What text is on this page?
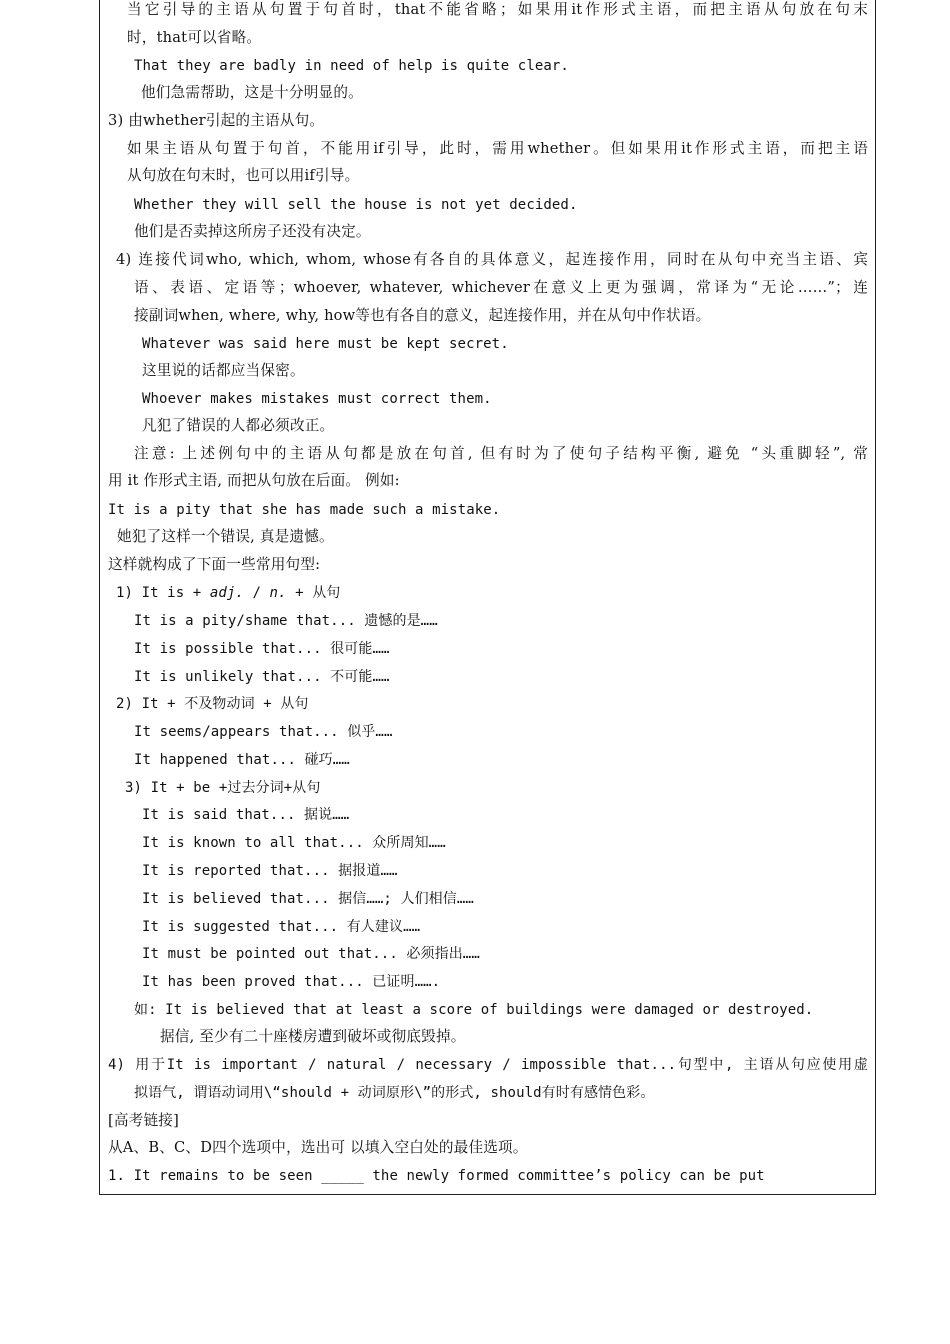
当它引导的主语从句置于句首时，that不能省略；如果用it作形式主语，而把主语从句放在句末
时，that可以省略。
That they are badly in need of help is quite clear.
他们急需帮助，这是十分明显的。
3) 由whether引起的主语从句。
如果主语从句置于句首，不能用if引导，此时，需用whether。但如果用it作形式主语，而把主语
从句放在句末时，也可以用if引导。
Whether they will sell the house is not yet decided.
他们是否卖掉这所房子还没有决定。
4) 连接代词who, which, whom, whose有各自的具体意义，起连接作用，同时在从句中充当主语、宾
语、表语、定语等；whoever, whatever, whichever在意义上更为强调，常译为“无论……”；连
接副词when, where, why, how等也有各自的意义，起连接作用，并在从句中作状语。
Whatever was said here must be kept secret.
这里说的话都应当保密。
Whoever makes mistakes must correct them.
凡犯了错误的人都必须改正。
注意: 上述例句中的主语从句都是放在句首, 但有时为了使句子结构平衡, 避免 “头重脚轻”, 常
用 it 作形式主语, 而把从句放在后面。 例如:
It is a pity that she has made such a mistake.
她犯了这样一个错误, 真是遗憾。
这样就构成了下面一些常用句型:
1) It is + adj. / n. + 从句
It is a pity/shame that... 遗憾的是……
It is possible that... 很可能……
It is unlikely that... 不可能……
2) It + 不及物动词 + 从句
It seems/appears that... 似乎……
It happened that... 碰巧……
3) It + be +过去分词+从句
It is said that... 据说……
It is known to all that... 众所周知……
It is reported that... 据报道……
It is believed that... 据信……; 人们相信……
It is suggested that... 有人建议……
It must be pointed out that... 必须指出……
It has been proved that... 已证明…….
如: It is believed that at least a score of buildings were damaged or destroyed.
据信, 至少有二十座楼房遭到破坏或彻底毁掉。
4) 用于It is important / natural / necessary / impossible that...句型中, 主语从句应使用虚
拟语气, 谓语动词用\“should + 动词原形\”的形式, should有时有感情色彩。
[高考链接]
从A、B、C、D四个选项中，选出可 以填入空白处的最佳选项。
1. It remains to be seen _____ the newly formed committee’s policy can be put
